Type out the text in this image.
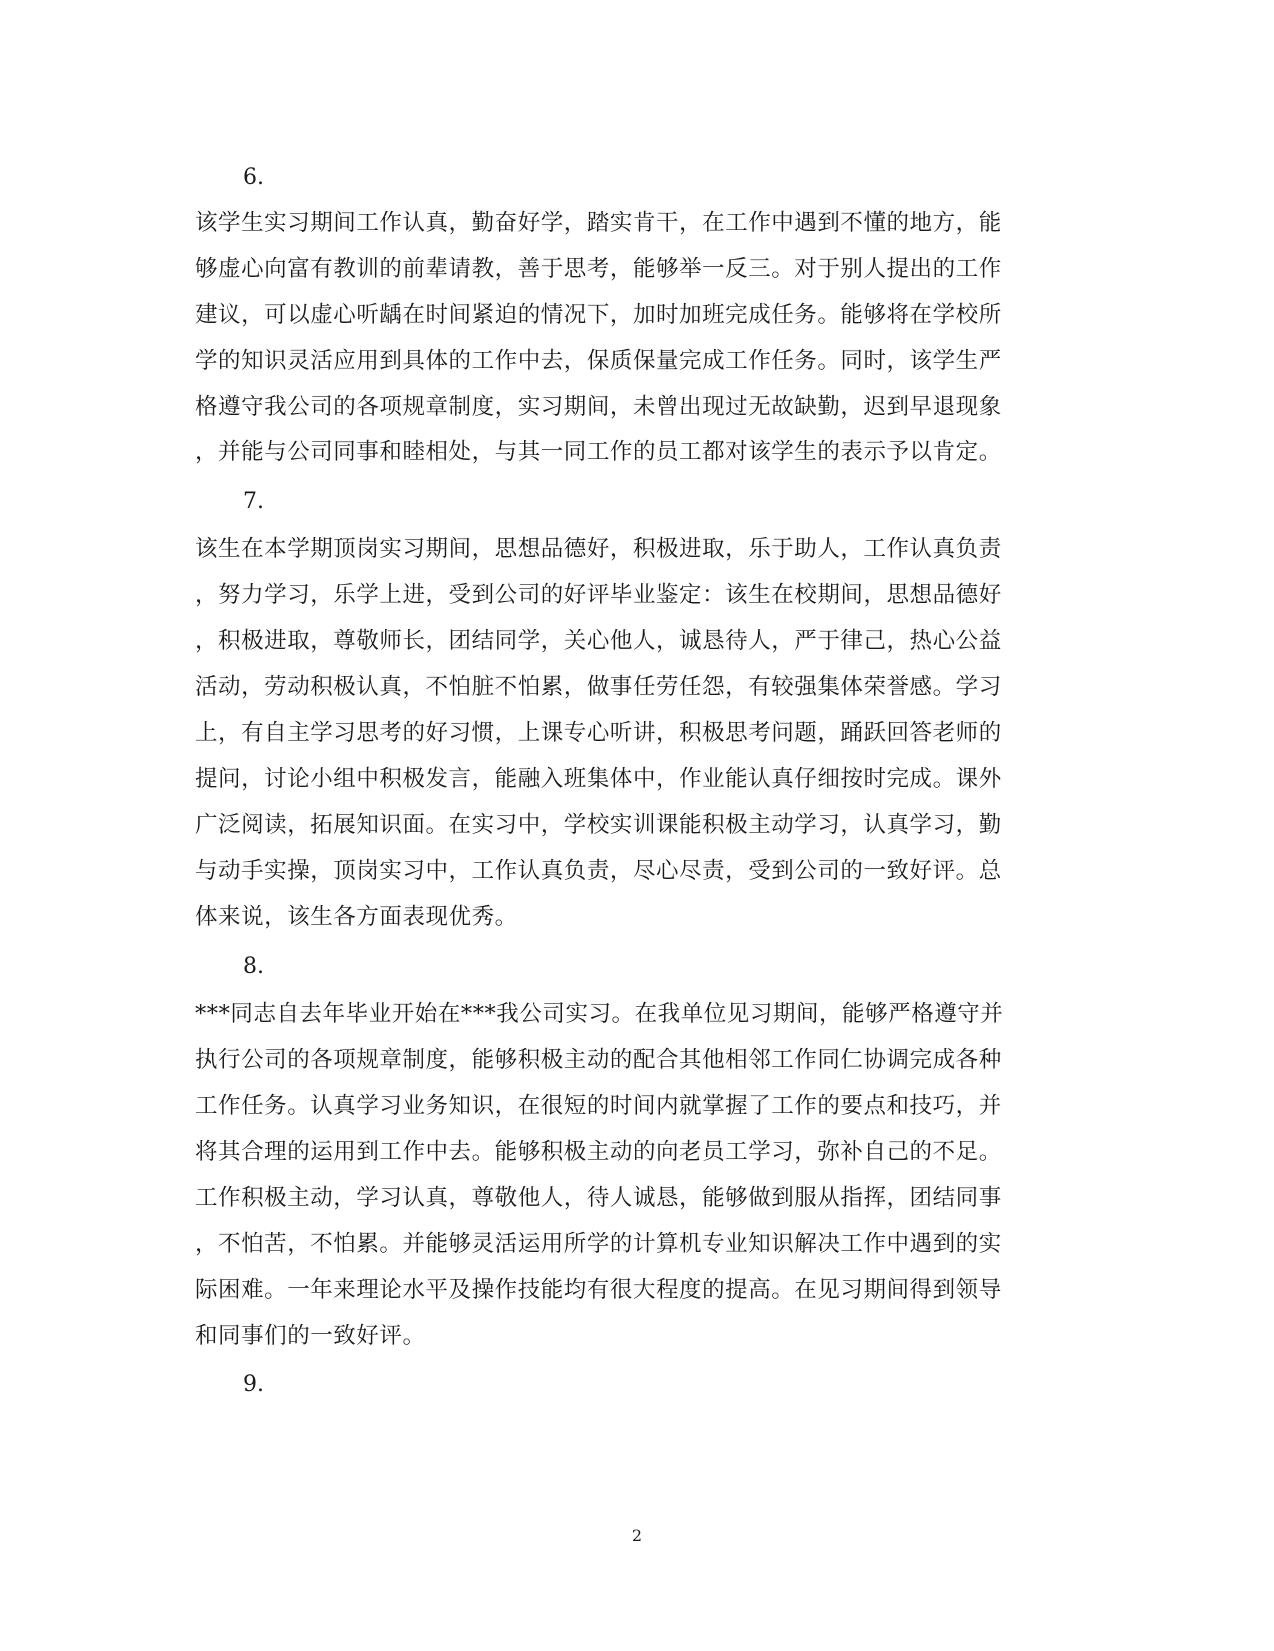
6.
该学生实习期间工作认真，勤奋好学，踏实肯干，在工作中遇到不懂的地方，能
够虚心向富有教训的前辈请教，善于思考，能够举一反三。对于别人提出的工作
建议，可以虚心听龋在时间紧迫的情况下，加时加班完成任务。能够将在学校所
学的知识灵活应用到具体的工作中去，保质保量完成工作任务。同时，该学生严
格遵守我公司的各项规章制度，实习期间，未曾出现过无故缺勤，迟到早退现象
，并能与公司同事和睦相处，与其一同工作的员工都对该学生的表示予以肯定。
7.
该生在本学期顶岗实习期间，思想品德好，积极进取，乐于助人，工作认真负责
，努力学习，乐学上进，受到公司的好评毕业鉴定：该生在校期间，思想品德好
，积极进取，尊敬师长，团结同学，关心他人，诚恳待人，严于律己，热心公益
活动，劳动积极认真，不怕脏不怕累，做事任劳任怨，有较强集体荣誉感。学习
上，有自主学习思考的好习惯，上课专心听讲，积极思考问题，踊跃回答老师的
提问，讨论小组中积极发言，能融入班集体中，作业能认真仔细按时完成。课外
广泛阅读，拓展知识面。在实习中，学校实训课能积极主动学习，认真学习，勤
与动手实操，顶岗实习中，工作认真负责，尽心尽责，受到公司的一致好评。总
体来说，该生各方面表现优秀。
8.
***同志自去年毕业开始在***我公司实习。在我单位见习期间，能够严格遵守并
执行公司的各项规章制度，能够积极主动的配合其他相邻工作同仁协调完成各种
工作任务。认真学习业务知识，在很短的时间内就掌握了工作的要点和技巧，并
将其合理的运用到工作中去。能够积极主动的向老员工学习，弥补自己的不足。
工作积极主动，学习认真，尊敬他人，待人诚恳，能够做到服从指挥，团结同事
，不怕苦，不怕累。并能够灵活运用所学的计算机专业知识解决工作中遇到的实
际困难。一年来理论水平及操作技能均有很大程度的提高。在见习期间得到领导
和同事们的一致好评。
9.
2
